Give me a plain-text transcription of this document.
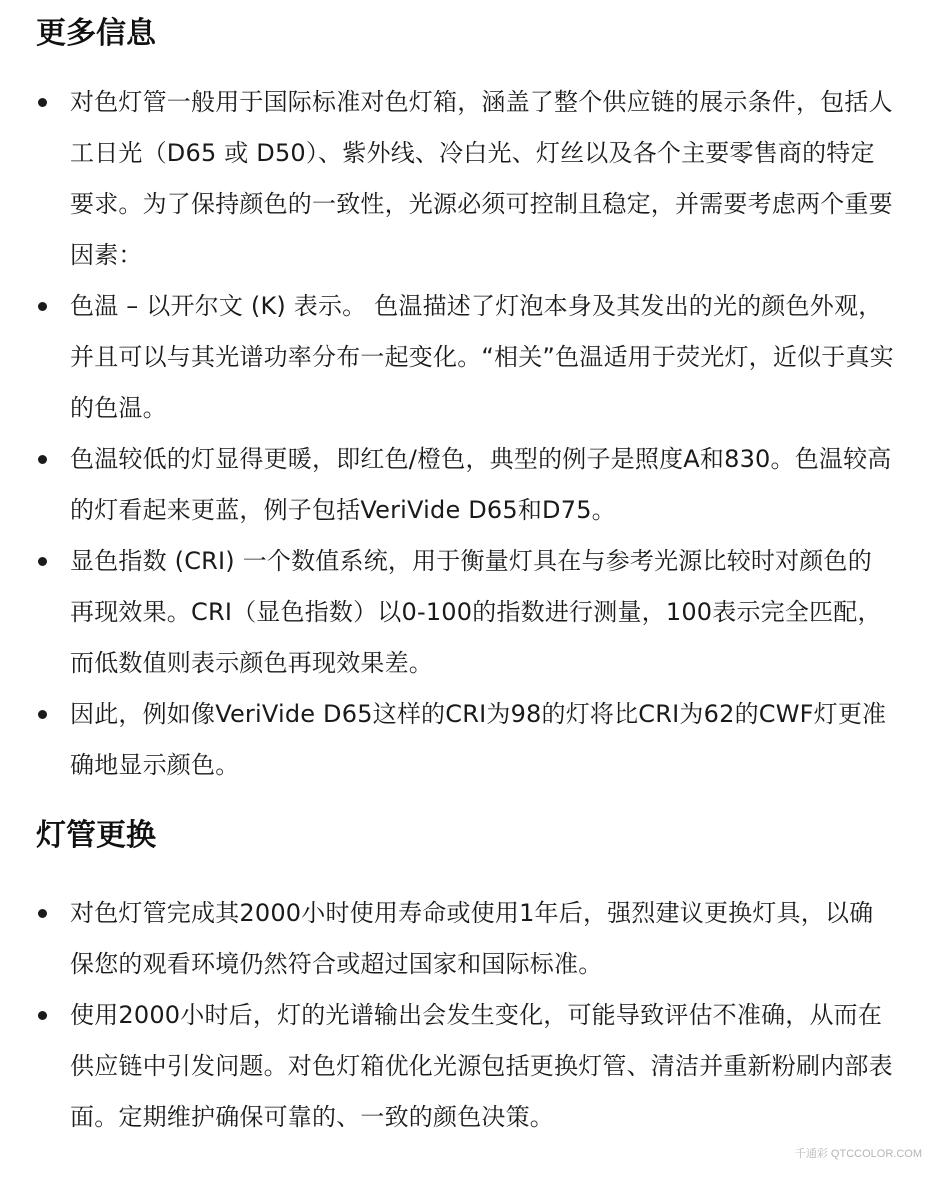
更多信息
对色灯管一般用于国际标准对色灯箱，涵盖了整个供应链的展示条件，包括人工日光（D65 或 D50）、紫外线、冷白光、灯丝以及各个主要零售商的特定要求。为了保持颜色的一致性，光源必须可控制且稳定，并需要考虑两个重要因素：
色温 – 以开尔文 (K) 表示。 色温描述了灯泡本身及其发出的光的颜色外观，并且可以与其光谱功率分布一起变化。“相关”色温适用于荧光灯，近似于真实的色温。
色温较低的灯显得更暖，即红色/橙色，典型的例子是照度A和830。色温较高的灯看起来更蓝，例子包括VeriVide D65和D75。
显色指数 (CRI) 一个数值系统，用于衡量灯具在与参考光源比较时对颜色的再现效果。CRI（显色指数）以0-100的指数进行测量，100表示完全匹配，而低数值则表示颜色再现效果差。
因此，例如像VeriVide D65这样的CRI为98的灯将比CRI为62的CWF灯更准确地显示颜色。
灯管更换
对色灯管完成其2000小时使用寿命或使用1年后，强烈建议更换灯具，以确保您的观看环境仍然符合或超过国家和国际标准。
使用2000小时后，灯的光谱输出会发生变化，可能导致评估不准确，从而在供应链中引发问题。对色灯箱优化光源包括更换灯管、清洁并重新粉刷内部表面。定期维护确保可靠的、一致的颜色决策。
千通彩 QTCCOLOR.COM
